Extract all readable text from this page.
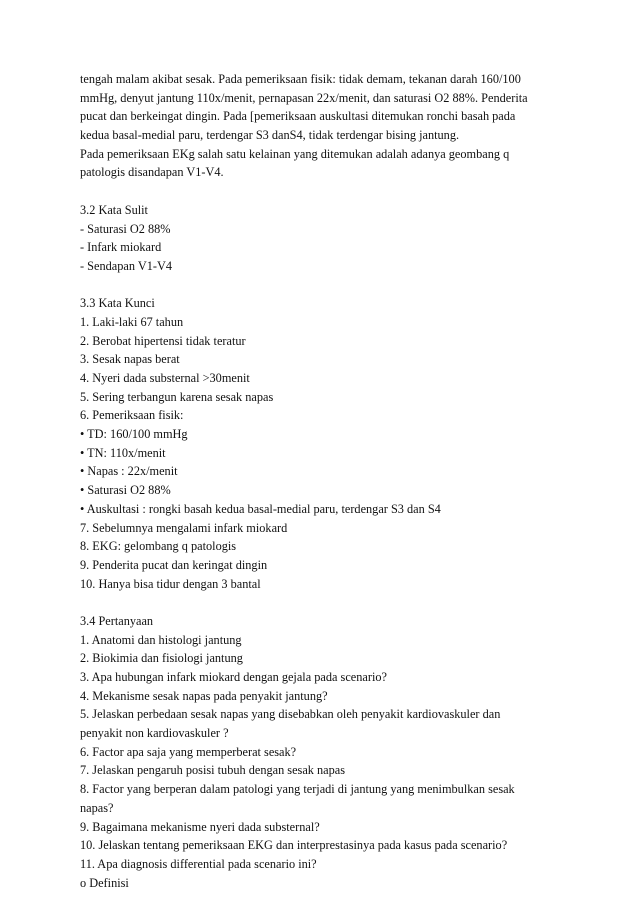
tengah malam akibat sesak. Pada pemeriksaan fisik: tidak demam, tekanan darah 160/100
mmHg, denyut jantung 110x/menit, pernapasan 22x/menit, dan saturasi O2 88%. Penderita
pucat dan berkeingat dingin. Pada [pemeriksaan auskultasi ditemukan ronchi basah pada
kedua basal-medial paru, terdengar S3 danS4, tidak terdengar bising jantung.
Pada pemeriksaan EKg salah satu kelainan yang ditemukan adalah adanya geombang q
patologis disandapan V1-V4.
3.2 Kata Sulit
- Saturasi O2 88%
- Infark miokard
- Sendapan V1-V4
3.3 Kata Kunci
1. Laki-laki 67 tahun
2. Berobat hipertensi tidak teratur
3. Sesak napas berat
4. Nyeri dada substernal >30menit
5. Sering terbangun karena sesak napas
6. Pemeriksaan fisik:
• TD: 160/100 mmHg
• TN: 110x/menit
• Napas : 22x/menit
• Saturasi O2 88%
• Auskultasi : rongki basah kedua basal-medial paru, terdengar S3 dan S4
7. Sebelumnya mengalami infark miokard
8. EKG: gelombang q patologis
9. Penderita pucat dan keringat dingin
10. Hanya bisa tidur dengan 3 bantal
3.4 Pertanyaan
1. Anatomi dan histologi jantung
2. Biokimia dan fisiologi jantung
3. Apa hubungan infark miokard dengan gejala pada scenario?
4. Mekanisme sesak napas pada penyakit jantung?
5. Jelaskan perbedaan sesak napas yang disebabkan oleh penyakit kardiovaskuler dan
penyakit non kardiovaskuler ?
6. Factor apa saja yang memperberat sesak?
7. Jelaskan pengaruh posisi tubuh dengan sesak napas
8. Factor yang berperan dalam patologi yang terjadi di jantung yang menimbulkan sesak
napas?
9. Bagaimana mekanisme nyeri dada substernal?
10. Jelaskan tentang pemeriksaan EKG dan interprestasinya pada kasus pada scenario?
11. Apa diagnosis differential pada scenario ini?
o Definisi
